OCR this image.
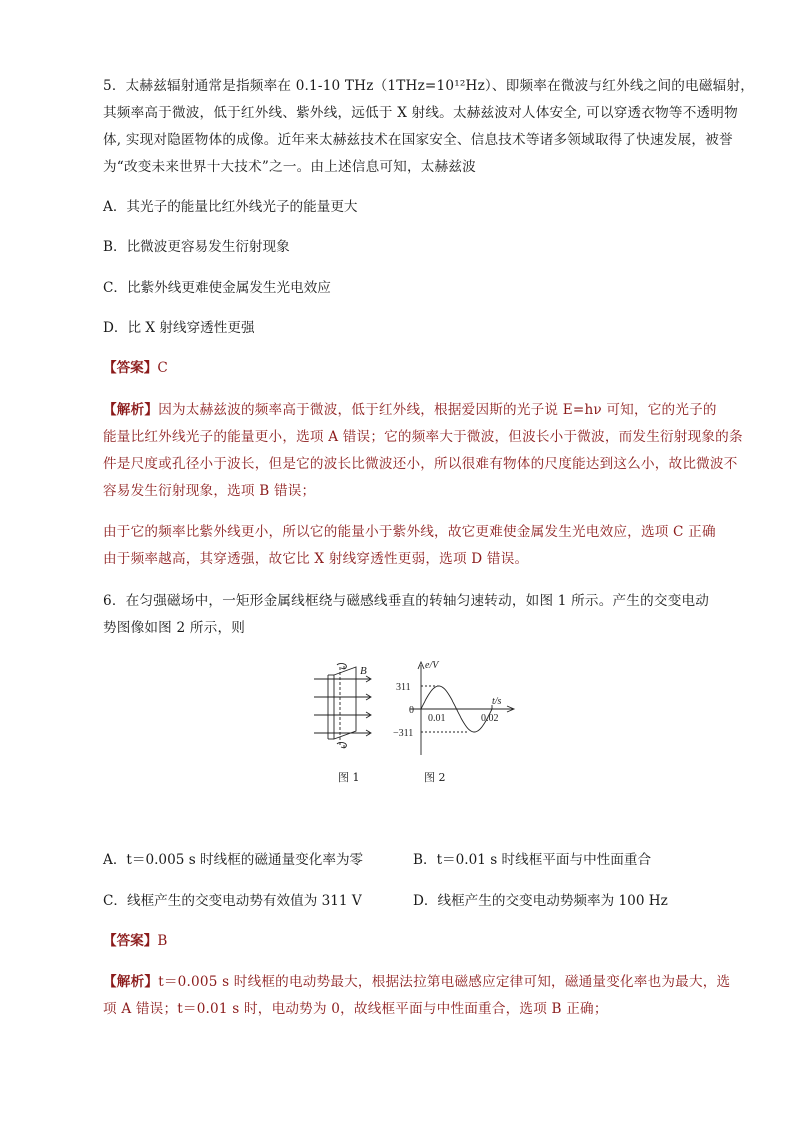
5．太赫兹辐射通常是指频率在 0.1-10 THz（1THz=10¹²Hz）、即频率在微波与红外线之间的电磁辐射，
其频率高于微波，低于红外线、紫外线，远低于 X 射线。太赫兹波对人体安全, 可以穿透衣物等不透明物
体, 实现对隐匿物体的成像。近年来太赫兹技术在国家安全、信息技术等诸多领域取得了快速发展，被誉
为“改变未来世界十大技术”之一。由上述信息可知，太赫兹波
A．其光子的能量比红外线光子的能量更大
B．比微波更容易发生衍射现象
C．比紫外线更难使金属发生光电效应
D．比 X 射线穿透性更强
【答案】C
【解析】因为太赫兹波的频率高于微波，低于红外线，根据爱因斯的光子说 E=hν 可知，它的光子的
能量比红外线光子的能量更小，选项 A 错误；它的频率大于微波，但波长小于微波，而发生衍射现象的条
件是尺度或孔径小于波长，但是它的波长比微波还小，所以很难有物体的尺度能达到这么小，故比微波不
容易发生衍射现象，选项 B 错误；
由于它的频率比紫外线更小，所以它的能量小于紫外线，故它更难使金属发生光电效应，选项 C 正确
由于频率越高，其穿透强，故它比 X 射线穿透性更弱，选项 D 错误。
6．在匀强磁场中，一矩形金属线框绕与磁感线垂直的转轴匀速转动，如图 1 所示。产生的交变电动
势图像如图 2 所示，则
B	e/V
t/s
311
0
−311
0.01	0.02
图 1	图 2
A．t＝0.005 s 时线框的磁通量变化率为零	B．t＝0.01 s 时线框平面与中性面重合
C．线框产生的交变电动势有效值为 311 V	D．线框产生的交变电动势频率为 100 Hz
【答案】B
【解析】t＝0.005 s 时线框的电动势最大，根据法拉第电磁感应定律可知，磁通量变化率也为最大，选
项 A 错误；t＝0.01 s 时，电动势为 0，故线框平面与中性面重合，选项 B 正确；
